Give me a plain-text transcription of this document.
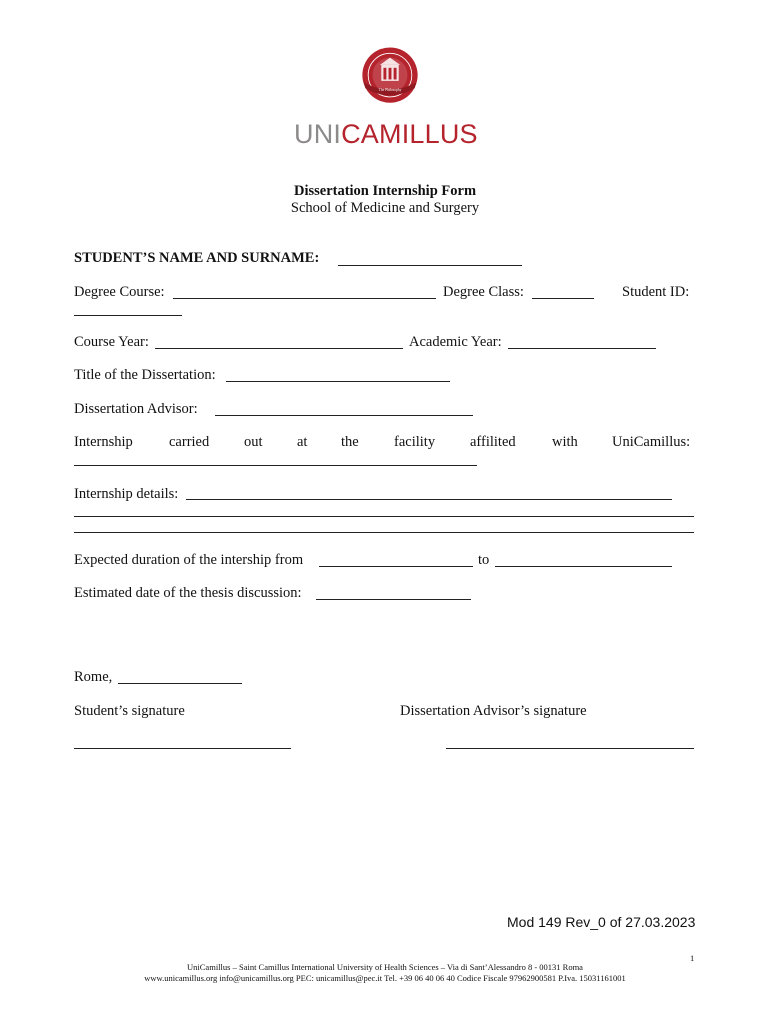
The Philosophy
UNICAMILLUS
Dissertation Internship Form
School of Medicine and Surgery
STUDENT’S NAME AND SURNAME:
Degree Course:	Degree Class:	Student ID:
Course Year:	Academic Year:
Title of the Dissertation:
Dissertation Advisor:
Internship carried out at the facility affilited	with UniCamillus:
Internship details:
Expected duration of the intership from	to
Estimated date of the thesis discussion:
Rome,
Student’s signature	Dissertation Advisor’s signature
Mod 149 Rev_0 of 27.03.2023
1
UniCamillus – Saint Camillus International University of Health Sciences – Via di Sant’Alessandro 8 - 00131 Roma
www.unicamillus.org info@unicamillus.org PEC: unicamillus@pec.it Tel. +39 06 40 06 40 Codice Fiscale 97962900581 P.Iva. 15031161001
